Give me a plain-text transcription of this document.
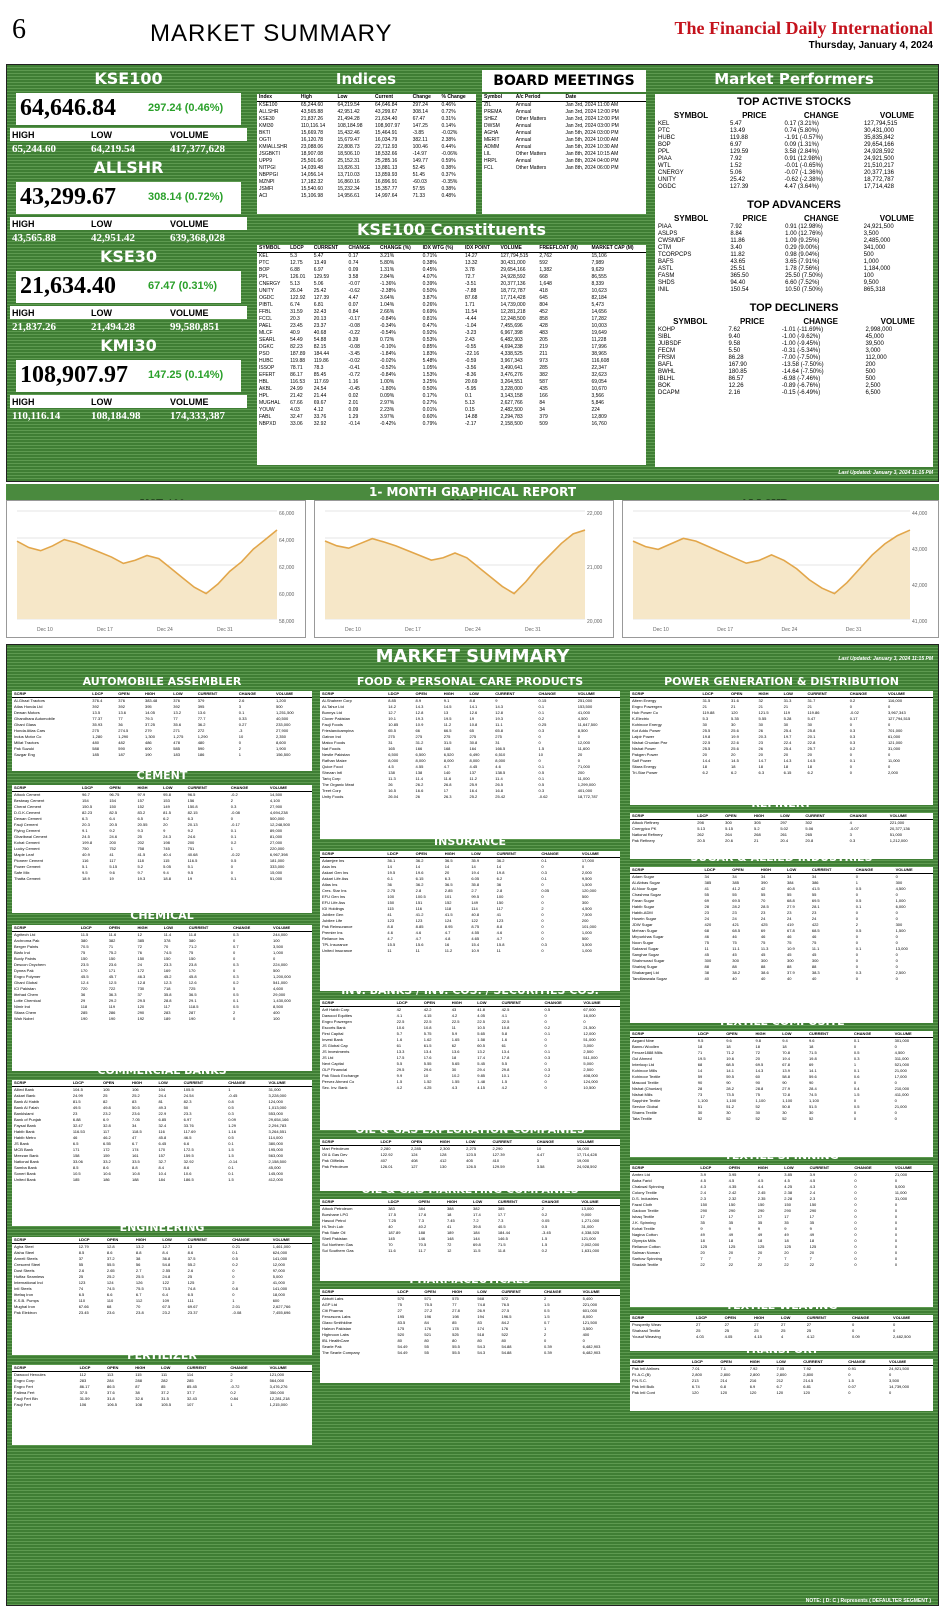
6	MARKET SUMMARY	The Financial Daily International
Thursday, January 4, 2024
KSE100
64,646.84	297.24 (0.46%)
HIGH	LOW	VOLUME
65,244.60	64,219.54	417,377,628
ALLSHR
43,299.67	308.14 (0.72%)
HIGH	LOW	VOLUME
43,565.88	42,951.42	639,368,028
KSE30
21,634.40	67.47 (0.31%)
HIGH	LOW	VOLUME
21,837.26	21,494.28	99,580,851
KMI30
108,907.97 147.25 (0.14%)
HIGH	LOW	VOLUME
110,116.14	108,184.98	174,333,387
Indices
Index	High	Low	Current	Change	% Change
KSE100	65,244.60	64,219.54	64,646.84	297.24	0.46%
ALLSHR	43,565.88	42,951.42	43,299.67	308.14	0.72%
KSE30	21,837.26	21,494.28	21,634.40	67.47	0.31%
KMI30	110,116.14	108,184.98	108,907.97	147.25	0.14%
BKTI	15,669.78	15,432.46	15,464.91	-3.85	-0.02%
OGTI	16,120.78	15,679.47	16,034.79	382.11	2.38%
KMIALLSHR	23,088.06	22,808.73	22,712.93	100.46	0.44%
JSGBKTI	18,907.08	18,506.10	18,532.66	-14.97	-0.06%
UPP9	25,501.66	25,152.31	25,285.16	149.77	0.59%
NITPGI	14,039.48	13,826.31	13,881.13	52.45	0.38%
NBPPGI	14,056.14	13,710.03	13,859.93	51.45	0.37%
MZNPI	17,182.32	16,860.16	16,896.91	-60.03	-0.35%
JSMFI	15,540.60	15,232.34	15,357.77	57.55	0.38%
ACI	15,106.98	14,956.61	14,997.64	71.33	0.48%
BOARD MEETINGS
Symbol	A/c Period	Date
ZIL	Annual	Jan 3rd, 2024 11:00 AM
PREMA	Annual	Jan 3rd, 2024 12:00 PM
SHEZ	Other Matters	Jan 3rd, 2024 12:00 PM
DWSM	Annual	Jan 3rd, 2024 03:00 PM
AGHA	Annual	Jan 5th, 2024 03:00 PM
MERIT	Annual	Jan 5th, 2024 10:00 AM
ADMM	Annual	Jan 5th, 2024 10:30 AM
LIL	Other Matters	Jan 8th, 2024 10:15 AM
HRPL	Annual	Jan 8th, 2024 04:00 PM
FCL	Other Matters	Jan 8th, 2024 06:00 PM
KSE100 Constituents
SYMBOL	LDCP	CURRENT	CHANGE	CHANGE (%)	IDX WTG (%)	IDX POINT	VOLUME	FREEFLOAT (M)	MARKET CAP (M)
KEL	5.3	5.47	0.17	3.21%	0.71%	14.27	127,794,515	2,762	15,106
PTC	12.75	13.49	0.74	5.80%	0.38%	13.32	30,431,000	592	7,989
BOP	6.88	6.97	0.09	1.31%	0.45%	3.78	29,654,166	1,382	9,629
PPL	126.01	129.59	3.58	2.84%	4.07%	72.7	24,928,592	668	86,555
CNERGY	5.13	5.06	-0.07	-1.36%	0.39%	-3.51	20,377,136	1,648	8,339
UNITY	26.04	25.42	-0.62	-2.38%	0.50%	-7.88	18,772,787	418	10,623
OGDC	122.92	127.39	4.47	3.64%	3.87%	87.68	17,714,428	645	82,184
PIBTL	6.74	6.81	0.07	1.04%	0.26%	1.71	14,739,000	804	5,473
FFBL	31.59	32.43	0.84	2.66%	0.69%	11.54	12,281,218	452	14,656
FCCL	20.3	20.13	-0.17	-0.84%	0.81%	-4.44	12,248,500	858	17,282
PAEL	23.45	23.37	-0.08	-0.34%	0.47%	-1.04	7,455,696	428	10,003
MLCF	40.9	40.68	-0.22	-0.54%	0.92%	-3.23	6,967,398	483	19,649
SEARL	54.49	54.88	0.39	0.72%	0.53%	2.43	6,482,903	205	11,228
DGKC	82.23	82.15	-0.08	-0.10%	0.85%	-0.55	4,694,238	219	17,996
PSO	187.89	184.44	-3.45	-1.84%	1.83%	-22.16	4,338,525	211	38,965
HUBC	119.88	119.86	-0.02	-0.02%	5.48%	-0.59	3,967,343	973	116,608
ISSOP	78.71	78.3	-0.41	-0.52%	1.05%	-3.56	3,490,641	285	22,347
EFERT	86.17	85.45	-0.72	-0.84%	1.53%	-8.36	3,476,276	382	32,623
HBL	116.53	117.69	1.16	1.00%	3.25%	20.69	3,264,551	587	69,054
AKBL	24.99	24.54	-0.45	-1.80%	0.50%	-5.95	3,228,000	435	10,670
HPL	21.42	21.44	0.02	0.09%	0.17%	0.1	3,143,158	166	3,566
MUGHAL	67.66	69.67	2.01	2.97%	0.27%	5.13	2,627,766	84	5,846
YOUW	4.03	4.12	0.09	2.23%	0.01%	0.15	2,482,500	34	224
FABL	32.47	33.76	1.29	3.97%	0.60%	14.88	2,294,783	379	12,809
NBPXD	33.06	32.92	-0.14	-0.42%	0.79%	-2.17	2,158,500	509	16,760
Market Performers
TOP ACTIVE STOCKS
SYMBOL	PRICE	CHANGE	VOLUME
KEL	5.47	0.17 (3.21%)	127,794,515
PTC	13.49	0.74 (5.80%)	30,431,000
HUBC	119.88	-1.91 (-0.57%)	35,835,842
BOP	6.97	0.09 (1.31%)	29,654,166
PPL	129.59	3.58 (2.84%)	24,928,592
PIAA	7.92	0.91 (12.98%)	24,921,500
WTL	1.52	-0.01 (-0.65%)	21,510,217
CNERGY	5.06	-0.07 (-1.36%)	20,377,136
UNITY	25.42	-0.62 (-2.38%)	18,772,787
OGDC	127.39	4.47 (3.64%)	17,714,428
TOP ADVANCERS
SYMBOL	PRICE	CHANGE	VOLUME
PIAA	7.92	0.91 (12.98%)	24,921,500
ASLPS	8.84	1.00 (12.76%)	3,500
CWSMDF	11.86	1.09 (9.25%)	2,485,000
CTM	3.40	0.29 (9.00%)	341,000
TCORPCPS	11.82	0.98 (9.04%)	500
BAFS	43.65	3.65 (7.91%)	1,000
ASTL	25.51	1.78 (7.56%)	1,184,000
FASM	365.50	25.50 (7.50%)	100
SHDS	94.40	6.60 (7.52%)	9,500
INIL	150.54	10.50 (7.50%)	865,318
TOP DECLINERS
SYMBOL	PRICE	CHANGE	VOLUME
KOHP	7.62	-1.01 (-11.69%)	2,998,000
SIBL	9.40	-1.00 (-9.62%)	45,000
JUBSDF	9.58	-1.00 (-9.45%)	39,500
FECM	5.50	-0.31 (-5.34%)	3,000
FRSM	86.28	-7.00 (-7.50%)	112,000
BAFL	167.90	-13.58 (-7.50%)	200
BWHL	180.85	-14.64 (-7.50%)	500
IBLHL	86.57	-6.98 (-7.46%)	500
BOK	12.26	-0.89 (-6.76%)	2,500
DCAPM	2.16	-0.15 (-6.49%)	6,500
Last Updated: January 3, 2024 11:15 PM
1- MONTH GRAPHICAL REPORT
66,000
64,000
62,000
60,000
58,000
Dec 10	Dec 17	Dec 24	Dec 31
22,000
21,000
20,000
Dec 10	Dec 17	Dec 24	Dec 31
44,000
43,000
42,000
41,000
Dec 10	Dec 17	Dec 24	Dec 31
MARKET SUMMARY	Last Updated: January 3, 2024 11:15 PM
AUTOMOBILE ASSEMBLER
SCRIP	LDCP	OPEN	HIGH	LOW	CURRENT	CHANGE	VOLUME
Al-Ghazi Tractors	376.4	376	383.48	376	379	2.6	1,200
Atlas Honda Ltd	392	392	395	392	395	3	500
Dewan Motors	13.5	13.6	14.05	13.2	13.6	0.1	1,251,500
Ghandhara Automobile	77.37	77	79.3	77	77.7	0.33	40,500
Ghani Glass	35.93	36	37.25	35.6	36.2	0.27	233,000
Honda Atlas Cars	275	274.5	279	271	272	-3	27,900
Indus Motor Co	1,280	1,290	1,300	1,275	1,290	10	2,350
Millat Tractors	480	482	486	478	480	0	8,600
Pak Suzuki	588	590	600	585	590	2	1,900
Sazgar Eng	185	187	190	183	186	1	156,500
CEMENT
SCRIP	LDCP	OPEN	HIGH	LOW	CURRENT	CHANGE	VOLUME
Attock Cement	96.7	96.75	97.9	95.8	96.5	-0.2	14,500
Bestway Cement	154	154	157	153	156	2	4,100
Cherat Cement	150.5	150	152	149	150.8	0.3	27,900
D.G.K.Cement	82.23	82.5	83.2	81.5	82.15	-0.08	4,694,238
Dewan Cement	6.3	6.4	6.5	6.2	6.3	0	500,000
Fauji Cement	20.3	20.5	20.55	20	20.13	-0.17	12,248,500
Flying Cement	9.1	9.2	9.3	9	9.2	0.1	89,000
Gharibwal Cement	24.5	24.6	25	24.3	24.6	0.1	81,000
Kohat Cement	199.8	200	202	198	200	0.2	27,000
Lucky Cement	750	752	758	745	751	1	220,000
Maple Leaf	40.9	41	41.5	40.4	40.68	-0.22	6,967,398
Pioneer Cement	116	117	118	115	116.5	0.5	181,000
Power Cement	5.1	5.15	5.2	5.05	5.1	0	333,000
Safe Mix	9.5	9.6	9.7	9.4	9.5	0	15,000
Thatta Cement	18.9	19	19.3	18.8	19	0.1	51,000
CHEMICAL
SCRIP	LDCP	OPEN	HIGH	LOW	CURRENT	CHANGE	VOLUME
Agritech Ltd	11.5	11.6	12	11.4	11.8	0.3	244,000
Archroma Pak	380	382	385	378	380	0	100
Berger Paints	70.5	71	72	70	71.2	0.7	3,500
Biafo Ind	75	75.2	76	74.5	75	0	1,000
Buxly Paints	150	150	150	150	150	0	0
Descon Oxychem	23.5	23.6	24	23.3	23.8	0.3	224,000
Dynea Pak	170	171	172	169	170	0	500
Engro Polymer	45.5	45.7	46.3	45.2	45.8	0.3	1,200,000
Ghani Global	12.4	12.5	12.8	12.3	12.6	0.2	541,000
ICI Pakistan	720	722	730	718	725	5	4,600
Ittehad Chem	36	36.3	37	35.8	36.5	0.5	29,000
Lotte Chemical	29	29.2	29.5	28.8	29.1	0.1	1,430,000
Nimir Ind	118	119	120	117	118.5	0.5	8,500
Sitara Chem	285	286	290	283	287	2	400
Wah Nobel	190	190	192	189	190	0	100
COMMERCIAL BANKS
SCRIP	LDCP	OPEN	HIGH	LOW	CURRENT	CHANGE	VOLUME
Allied Bank	104.5	105	106	104	105.5	1	31,000
Askari Bank	24.99	25	25.2	24.4	24.54	-0.45	3,228,000
Bank Al Habib	81.5	82	83	81	82.3	0.8	124,000
Bank Al Falah	49.5	49.8	50.5	49.3	50	0.5	1,013,000
BankIslami	23	23.2	23.6	22.9	23.3	0.3	553,000
Bank of Punjab	6.88	6.9	7.05	6.85	6.97	0.09	29,654,166
Faysal Bank	32.47	32.8	34	32.4	33.76	1.29	2,294,783
Habib Bank	116.53	117	118.5	116	117.69	1.16	3,264,551
Habib Metro	46	46.2	47	45.8	46.5	0.5	114,000
JS Bank	6.5	6.55	6.7	6.45	6.6	0.1	380,000
MCB Bank	171	172	174	170	172.5	1.5	195,000
Meezan Bank	158	159	161	157	159.5	1.5	563,000
National Bank	33.06	33.2	33.5	32.7	32.92	-0.14	2,158,500
Samba Bank	8.5	8.6	8.8	8.4	8.6	0.1	45,000
Soneri Bank	10.5	10.6	10.8	10.4	10.6	0.1	145,000
United Bank	185	186	188	184	186.5	1.5	412,000
ENGINEERING
SCRIP	LDCP	OPEN	HIGH	LOW	CURRENT	CHANGE	VOLUME
Agha Steel	12.79	12.8	13.2	12.7	13	0.21	1,461,000
Aisha Steel	8.5	8.6	8.8	8.4	8.6	0.1	624,000
Amreli Steels	37	37.2	38	36.8	37.5	0.5	141,000
Crescent Steel	55	55.5	56	54.8	55.2	0.2	12,000
Dost Steels	2.6	2.65	2.7	2.55	2.6	0	97,000
Huffaz Seamless	25	25.2	25.5	24.8	25	0	5,000
International Ind	123	124	126	122	125	2	41,000
Intl Steels	74	74.5	75.5	73.5	74.8	0.8	141,000
Ittefaq Iron	6.5	6.6	6.7	6.4	6.5	0	18,000
K.S.B. Pumps	110	110	112	109	111	1	600
Mughal Iron	67.66	68	70	67.5	69.67	2.01	2,627,766
Pak Elektron	23.45	23.6	23.8	23.2	23.37	-0.08	7,455,696
FERTILIZER
SCRIP	LDCP	OPEN	HIGH	LOW	CURRENT	CHANGE	VOLUME
Dawood Hercules	112	113	115	111	114	2	121,000
Engro Corp	283	284	288	282	285	2	564,000
Engro Fert	86.17	86.5	87	85	85.45	-0.72	3,476,276
Fatima Fert	37.5	37.6	38	37.2	37.7	0.2	350,000
Fauji Fert Bin	31.59	31.8	32.6	31.5	32.43	0.84	12,281,218
Fauji Fert	106	106.5	108	105.5	107	1	1,215,000
FOOD & PERSONAL CARE PRODUCTS
SCRIP	LDCP	OPEN	HIGH	LOW	CURRENT	CHANGE	VOLUME
Al-Shaheer Corp	8.85	8.9	9.1	8.8	9	0.15	251,000
At-Tahur Ltd	14.2	14.3	14.5	14.1	14.3	0.1	153,500
Bunnys Ltd	12.7	12.8	13	12.6	12.8	0.1	41,000
Clover Pakistan	19.1	19.3	19.5	19	19.3	0.2	4,500
Fauji Foods	10.85	10.9	11.2	10.8	11.1	0.25	11,647,500
Frieslandcampina	65.5	66	66.5	65	65.8	0.3	8,500
Gatron Ind	275	275	275	275	275	0	0
Matco Foods	31	31.2	31.5	30.8	31	0	12,000
Nat Foods	165	166	168	164	166.5	1.5	11,600
Nestle Pakistan	6,500	6,500	6,520	6,490	6,510	10	20
Rafhan Maize	8,000	8,000	8,000	8,000	8,000	0	0
Quice Food	4.5	4.55	4.7	4.45	4.6	0.1	71,000
Shezan Intl	138	138	140	137	138.5	0.5	200
Tariq Corp	11.3	11.4	11.6	11.2	11.4	0.1	11,000
The Organic Meat	26	26.2	26.8	25.9	26.5	0.5	1,299,000
Treet Corp	16.5	16.6	17	16.4	16.8	0.3	401,000
Unity Foods	26.04	26	26.3	25.2	25.42	-0.62	18,772,787
INSURANCE
SCRIP	LDCP	OPEN	HIGH	LOW	CURRENT	CHANGE	VOLUME
Adamjee Ins	36.1	36.2	36.5	35.9	36.2	0.1	17,000
Asia Ins	14	14	14	14	14	0	0
Askari Gen Ins	19.5	19.6	20	19.4	19.8	0.3	2,000
Askari Life Ass	6.1	6.15	6.3	6.05	6.2	0.1	9,500
Atlas Ins	36	36.2	36.5	35.8	36	0	1,500
Cres. Star Ins	2.75	2.8	2.85	2.7	2.8	0.05	120,000
EFU Gen Ins	100	100.5	101	99.5	100	0	500
EFU Life Ass	150	151	152	149	150	0	300
IGI Holdings	115	116	118	114	117	2	4,500
Jubilee Gen	41	41.2	41.5	40.8	41	0	7,500
Jubilee Life	123	123	124	122	123	0	200
Pak Reinsurance	8.8	8.85	8.95	8.75	8.8	0	101,000
Premier Ins	4.6	4.6	4.7	4.55	4.6	0	1,000
Reliance Ins	4.7	4.7	4.8	4.65	4.7	0	500
TPL Insurance	15.5	15.6	16	15.4	15.8	0.3	3,500
United Insurance	11	11	11.2	10.9	11	0	1,000
INV. BANKS / INV. COS. / SECURITIES COS.
SCRIP	LDCP	OPEN	HIGH	LOW	CURRENT	CHANGE	VOLUME
Arif Habib Corp	42	42.2	43	41.8	42.5	0.5	67,000
Dawood Equities	4.1	4.15	4.2	4.05	4.1	0	16,000
Engro Powergen	22.5	22.5	22.5	22.5	22.5	0	0
Escorts Bank	10.6	10.8	11	10.5	10.8	0.2	21,500
First Capital	5.7	5.75	5.9	5.65	5.8	0.1	12,000
Invest Bank	1.6	1.62	1.65	1.58	1.6	0	51,000
JS Global Cap	61	61.5	62	60.5	61	0	3,000
JS Investments	13.3	13.4	13.6	13.2	13.4	0.1	2,500
JS Ltd	17.5	17.6	18	17.4	17.8	0.3	511,000
Next Capital	5.5	5.55	5.65	5.45	5.5	0	5,000
OLP Financial	29.5	29.6	30	29.4	29.8	0.3	2,500
Pak Stock Exchange	9.9	10	10.2	9.85	10.1	0.2	408,000
Pervez Ahmed Co	1.5	1.52	1.55	1.48	1.5	0	124,000
Sec. Inv. Bank	4.2	4.25	4.3	4.15	4.2	0	10,500
OIL & GAS EXPLORATION COMPANIES
SCRIP	LDCP	OPEN	HIGH	LOW	CURRENT	CHANGE	VOLUME
Mari Petroleum	2,280	2,285	2,300	2,275	2,290	10	16,000
Oil & Gas Dev	122.92	124	128	123.5	127.39	4.47	17,714,428
Pak Oilfields	407	408	412	405	410	3	19,000
Pak Petroleum	126.01	127	130	126.5	129.59	3.58	24,928,592
OIL & GAS MARKETING COMPANIES
SCRIP	LDCP	OPEN	HIGH	LOW	CURRENT	CHANGE	VOLUME
Attock Petroleum	383	384	388	382	385	2	13,000
Burshane LPG	17.5	17.6	18	17.4	17.7	0.2	9,000
Hascol Petrol	7.25	7.3	7.45	7.2	7.3	0.05	1,271,000
Hi-Tech Lub	40	40.2	41	39.8	40.5	0.5	31,000
Pak State Oil	187.89	188	189	184	184.44	-3.45	4,338,525
Shell Pakistan	145	146	148	144	146.5	1.5	121,000
Sui Northern Gas	70	70.5	72	69.8	71.5	1.5	2,002,000
Sui Southern Gas	11.6	11.7	12	11.5	11.8	0.2	1,631,000
PHARMACEUTICALS
SCRIP	LDCP	OPEN	HIGH	LOW	CURRENT	CHANGE	VOLUME
Abbott Labs	570	571	575	568	572	2	5,400
AGP Ltd	75	75.5	77	74.8	76.5	1.5	221,000
Citi Pharma	27	27.2	27.8	26.9	27.5	0.5	601,000
Ferozsons Labs	195	196	198	194	196.5	1.5	8,000
Glaxo Smithkline	83.5	84	85	83	84.2	0.7	121,500
Haleon Pakistan	175	176	178	174	176	1	3,500
Highnoon Labs	520	521	525	518	522	2	400
IBL HealthCare	80	80	80	80	80	0	0
Searle Pak	54.49	55	55.5	54.3	54.88	0.39	6,482,903
The Searle Company	54.49	55	55.5	54.3	54.88	0.39	6,482,903
POWER GENERATION & DISTRIBUTION
SCRIP	LDCP	OPEN	HIGH	LOW	CURRENT	CHANGE	VOLUME
Altern Energy	31.5	31.6	32	31.3	31.7	0.2	116,000
Engro Powergen	21	21	21	21	21	0	0
Hub Power Co	119.88	120	121.5	119	119.86	-0.02	3,967,343
K-Electric	5.3	5.35	5.55	5.28	5.47	0.17	127,794,515
Kohinoor Energy	30	30	30	30	30	0	0
Kot Addu Power	25.5	25.6	26	25.4	25.8	0.3	701,000
Lalpir Power	19.8	19.9	20.3	19.7	20.1	0.3	61,000
Nishat Chunian Pwr	22.5	22.6	23	22.4	22.8	0.3	121,000
Nishat Power	25.5	25.6	26	25.4	25.7	0.2	31,000
Pakgen Power	20	20	20	20	20	0	0
Saif Power	14.4	14.5	14.7	14.3	14.5	0.1	11,000
Sitara Energy	18	18	18	18	18	0	0
Tri-Star Power	6.2	6.2	6.3	6.15	6.2	0	2,000
REFINERY
SCRIP	LDCP	OPEN	HIGH	LOW	CURRENT	CHANGE	VOLUME
Attock Refinery	298	300	305	297	302	4	221,000
Cnergyico PK	5.13	5.15	5.2	5.02	5.06	-0.07	20,377,136
National Refinery	262	264	268	261	265	3	51,000
Pak Refinery	20.5	20.6	21	20.4	20.8	0.3	1,212,000
SUGAR & ALLIED INDUSTRIES
SCRIP	LDCP	OPEN	HIGH	LOW	CURRENT	CHANGE	VOLUME
Adam Sugar	34	34	34	34	34	0	0
Al-Abbas Sugar	385	385	390	384	386	1	300
Al-Noor Sugar	41	41.2	42	40.8	41.5	0.5	4,500
Chashma Sugar	55	55	55	55	55	0	0
Faran Sugar	69	69.5	70	68.8	69.5	0.5	1,000
Habib Sugar	28	28.2	28.5	27.9	28.1	0.1	6,000
Habib-ADM	23	23	23	23	23	0	0
Husein Sugar	24	24	24	24	24	0	0
JDW Sugar	420	421	425	419	422	2	300
Mehran Sugar	68	68.5	69	67.8	68.5	0.5	1,500
Mirpurkhas Sugar	46	46	46	46	46	0	0
Noon Sugar	75	75	75	75	75	0	0
Sakrand Sugar	11	11.1	11.3	10.9	11.1	0.1	13,000
Sanghar Sugar	45	45	45	45	45	0	0
Shahmurad Sugar	300	300	300	300	300	0	0
Shahtaj Sugar	88	88	88	88	88	0	0
Shakarganj Ltd	38	38.2	38.6	37.9	38.3	0.3	2,500
Tandlianwala Sugar	40	40	40	40	40	0	0
TEXTILE COMPOSITE
SCRIP	LDCP	OPEN	HIGH	LOW	CURRENT	CHANGE	VOLUME
Azgard Nine	9.5	9.6	9.8	9.4	9.6	0.1	301,000
Bannu Woollen	18	18	18	18	18	0	0
Feroze1888 Mills	71	71.2	72	70.8	71.5	0.5	4,500
Gul Ahmed	19.5	19.6	20	19.4	19.8	0.3	311,000
Interloop Ltd	68	68.5	69.5	67.8	69	1	521,000
Kohinoor Mills	14	14.1	14.3	13.9	14.1	0.1	21,000
Kohinoor Textile	59	59.5	60	58.8	59.6	0.6	17,000
Masood Textile	90	90	90	90	90	0	0
Nishat (Chunian)	28	28.2	28.8	27.9	28.4	0.4	210,000
Nishat Mills	73	73.5	75	72.8	74.5	1.5	411,000
Sapphire Textile	1,100	1,100	1,100	1,100	1,100	0	0
Service Global	51	51.2	52	50.8	51.5	0.5	21,000
Shams Textile	30	30	30	30	30	0	0
Tata Textile	52	52	52	52	52	0	0
TEXTILE SPINNING
SCRIP	LDCP	OPEN	HIGH	LOW	CURRENT	CHANGE	VOLUME
Amtex Ltd	3.9	3.95	4	3.85	3.9	0	21,000
Baba Farid	4.5	4.5	4.5	4.5	4.5	0	0
Chakwal Spinning	4.3	4.35	4.4	4.25	4.3	0	5,000
Colony Textile	2.4	2.42	2.45	2.38	2.4	0	11,000
D.S. Industries	2.3	2.32	2.35	2.28	2.3	0	31,000
Fazal Cloth	150	150	150	150	150	0	0
Gadoon Textile	290	290	290	290	290	0	0
Ishaq Textile	17	17	17	17	17	0	0
J.K. Spinning	35	35	35	35	35	0	0
Kohat Textile	9	9	9	9	9	0	0
Nagina Cotton	49	49	49	49	49	0	0
Olympia Mills	18	18	18	18	18	0	0
Reliance Cotton	125	125	125	125	125	0	0
Salman Noman	20	20	20	20	20	0	0
Saritow Spinning	7	7	7	7	7	0	0
Shadab Textile	22	22	22	22	22	0	0
TEXTILE WEAVING
SCRIP	LDCP	OPEN	HIGH	LOW	CURRENT	CHANGE	VOLUME
Prosperity Weav	27	27	27	27	27	0	0
Shahzad Textile	25	25	25	25	25	0	0
Yousuf Weaving	4.03	4.05	4.15	4	4.12	0.09	2,482,500
TRANSPORT
SCRIP	LDCP	OPEN	HIGH	LOW	CURRENT	CHANGE	VOLUME
Pak Intl Airlines	7.01	7.1	7.92	7.05	7.92	0.91	24,921,500
P.I.A.C.(B)	2,800	2,800	2,800	2,800	2,800	0	0
P.N.S.C.	213	214	216	212	214.5	1.5	3,500
Pak Intl Bulk	6.74	6.8	6.9	6.7	6.81	0.07	14,739,000
Pak Intl Cont	120	120	120	120	120	0	0
NOTE: ( D: C ) Represents ( DEFAULTER SEGMENT )
